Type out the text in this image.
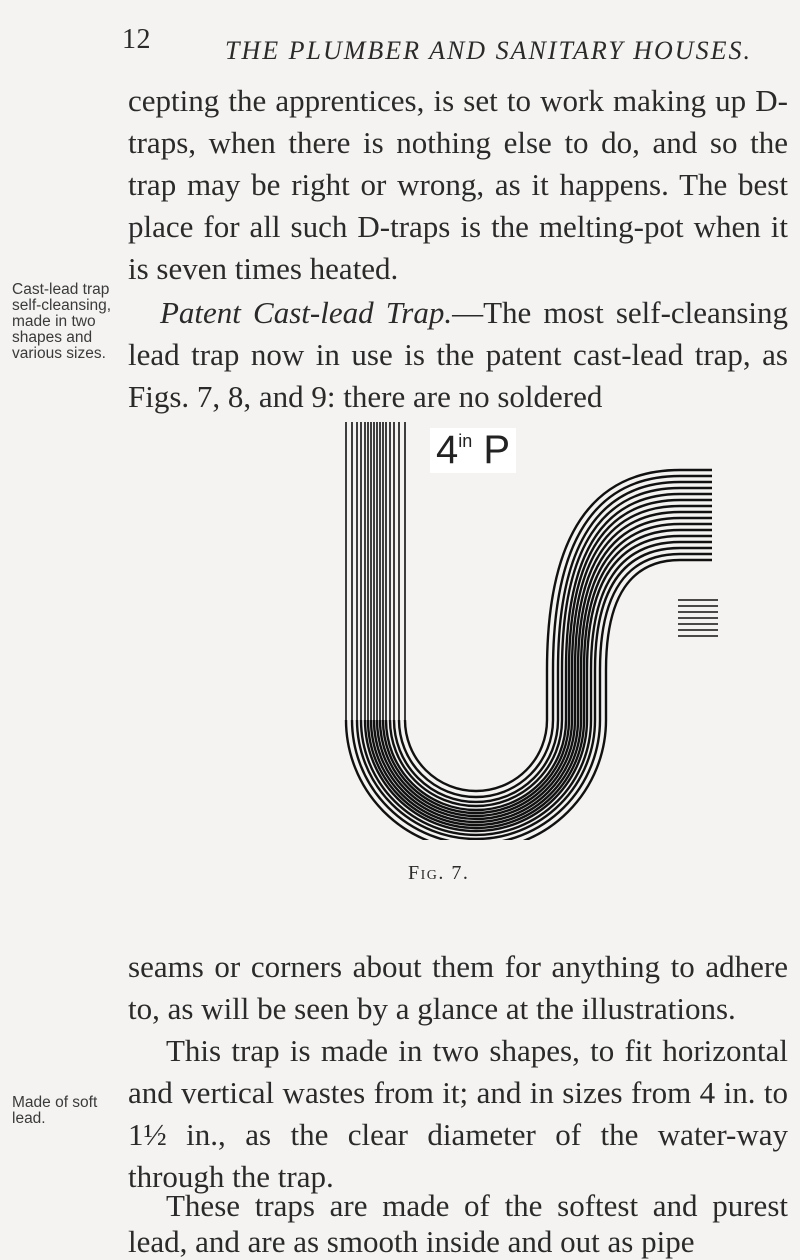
12	THE PLUMBER AND SANITARY HOUSES.

cepting the apprentices, is set to work making up D-traps, when there is nothing else to do, and so the trap may be right or wrong, as it happens. The best place for all such D-traps is the melting-pot when it is seven times heated.

Cast-lead trap self-cleansing, made in two shapes and various sizes.

Patent Cast-lead Trap.—The most self-cleansing lead trap now in use is the patent cast-lead trap, as Figs. 7, 8, and 9: there are no soldered

$4^{in}$ P
Fig. 7.

seams or corners about them for anything to adhere to, as will be seen by a glance at the illustrations.

This trap is made in two shapes, to fit horizontal and vertical wastes from it; and in sizes from 4 in. to 1½ in., as the clear diameter of the water-way through the trap.

Made of soft lead.

These traps are made of the softest and purest lead, and are as smooth inside and out as pipe
